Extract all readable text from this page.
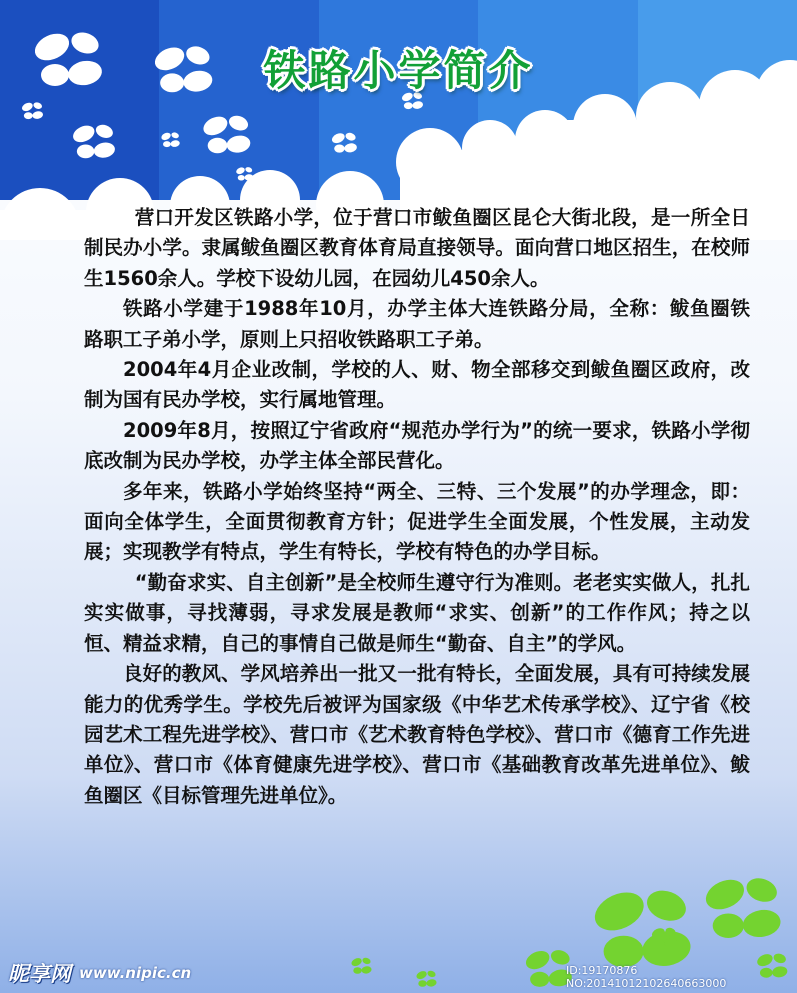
铁路小学简介

营口开发区铁路小学，位于营口市鲅鱼圈区昆仑大街北段，是一所全日制民办小学。隶属鲅鱼圈区教育体育局直接领导。面向营口地区招生，在校师生1560余人。学校下设幼儿园，在园幼儿450余人。

铁路小学建于1988年10月，办学主体大连铁路分局，全称：鲅鱼圈铁路职工子弟小学，原则上只招收铁路职工子弟。

2004年4月企业改制，学校的人、财、物全部移交到鲅鱼圈区政府，改制为国有民办学校，实行属地管理。

2009年8月，按照辽宁省政府“规范办学行为”的统一要求，铁路小学彻底改制为民办学校，办学主体全部民营化。

多年来，铁路小学始终坚持“两全、三特、三个发展”的办学理念，即：面向全体学生，全面贯彻教育方针；促进学生全面发展，个性发展，主动发展；实现教学有特点，学生有特长，学校有特色的办学目标。

“勤奋求实、自主创新”是全校师生遵守行为准则。老老实实做人，扎扎实实做事，寻找薄弱，寻求发展是教师“求实、创新”的工作作风；持之以恒、精益求精，自己的事情自己做是师生“勤奋、自主”的学风。

良好的教风、学风培养出一批又一批有特长，全面发展，具有可持续发展能力的优秀学生。学校先后被评为国家级《中华艺术传承学校》、辽宁省《校园艺术工程先进学校》、营口市《艺术教育特色学校》、营口市《德育工作先进单位》、营口市《体育健康先进学校》、营口市《基础教育改革先进单位》、鲅鱼圈区《目标管理先进单位》。

昵享网 www.nipic.cn	ID:19170876 NO:20141012102640663000
